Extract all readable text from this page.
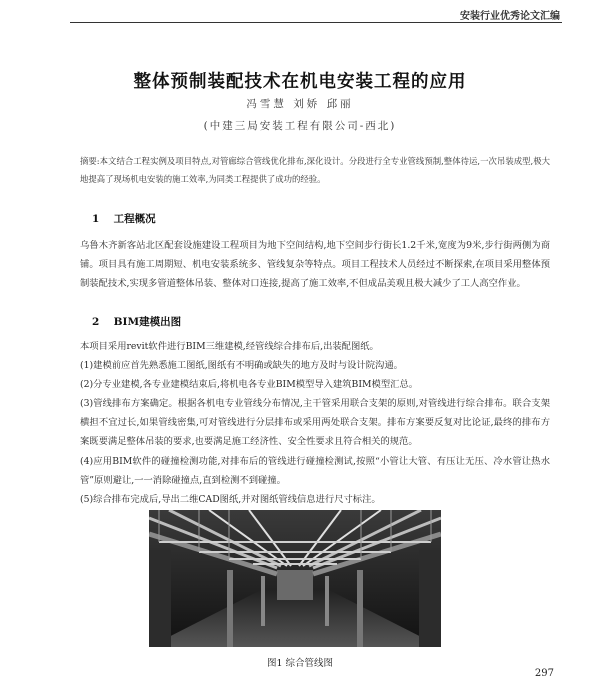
安装行业优秀论文汇编
整体预制装配技术在机电安装工程的应用
冯雪慧 刘娇 邱丽
(中建三局安装工程有限公司-西北)
摘要:本文结合工程实例及项目特点,对管廊综合管线优化排布,深化设计。分段进行全专业管线预制,整体待运,一次吊装成型,极大地提高了现场机电安装的施工效率,为同类工程提供了成功的经验。
1 工程概况
乌鲁木齐新客站北区配套设施建设工程项目为地下空间结构,地下空间步行街长1.2千米,宽度为9米,步行街两侧为商铺。项目具有施工周期短、机电安装系统多、管线复杂等特点。项目工程技术人员经过不断探索,在项目采用整体预制装配技术,实现多管道整体吊装、整体对口连接,提高了施工效率,不但成品美观且极大减少了工人高空作业。
2 BIM建模出图
本项目采用revit软件进行BIM三维建模,经管线综合排布后,出装配图纸。
(1)建模前应首先熟悉施工图纸,图纸有不明确或缺失的地方及时与设计院沟通。
(2)分专业建模,各专业建模结束后,将机电各专业BIM模型导入建筑BIM模型汇总。
(3)管线排布方案确定。根据各机电专业管线分布情况,主干管采用联合支架的原则,对管线进行综合排布。联合支架横担不宜过长,如果管线密集,可对管线进行分层排布或采用两处联合支架。排布方案要反复对比论证,最终的排布方案既要满足整体吊装的要求,也要满足施工经济性、安全性要求且符合相关的规范。
(4)应用BIM软件的碰撞检测功能,对排布后的管线进行碰撞检测试,按照“小管让大管、有压让无压、冷水管让热水管”原则避让,一一消除碰撞点,直到检测不到碰撞。
(5)综合排布完成后,导出二维CAD图纸,并对图纸管线信息进行尺寸标注。
图1 综合管线图
297
